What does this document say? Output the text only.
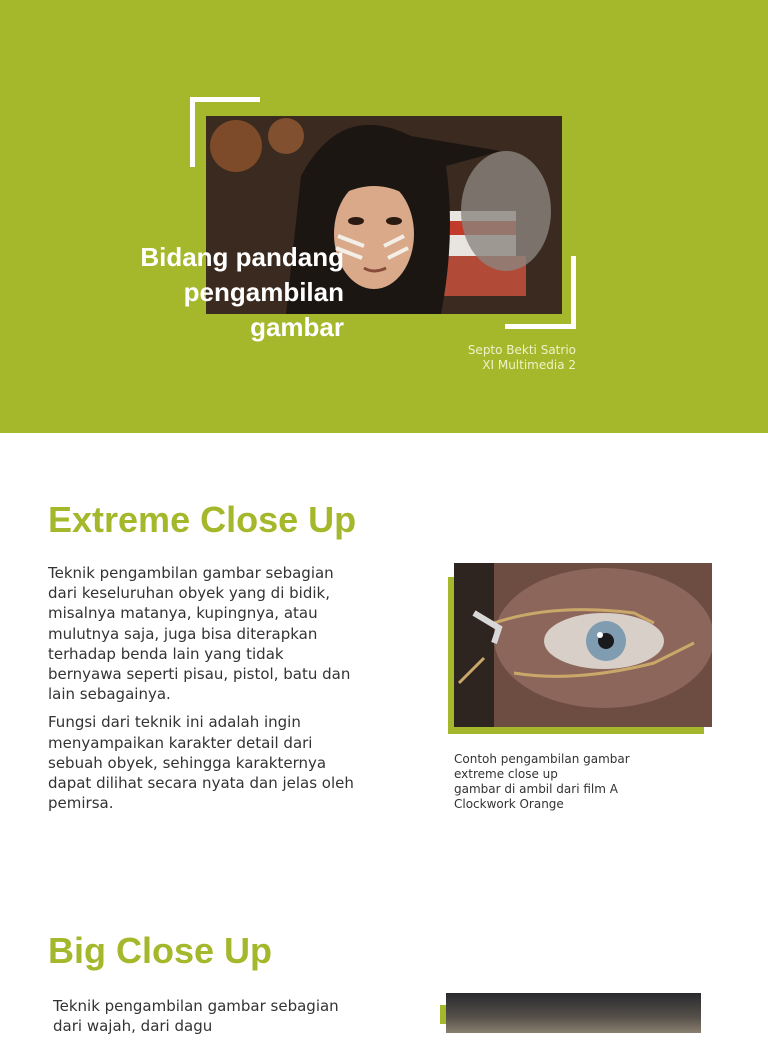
Bidang pandang
pengambilan
gambar
Septo Bekti Satrio
XI Multimedia 2
Extreme Close Up

Teknik pengambilan gambar sebagian dari keseluruhan obyek yang di bidik, misalnya matanya, kupingnya, atau mulutnya saja, juga bisa diterapkan terhadap benda lain yang tidak bernyawa seperti pisau, pistol, batu dan lain sebagainya.

Fungsi dari teknik ini adalah ingin menyampaikan karakter detail dari sebuah obyek, sehingga karakternya dapat dilihat secara nyata dan jelas oleh pemirsa.

Contoh pengambilan gambar
extreme close up
gambar di ambil dari film A
Clockwork Orange
Big Close Up

Teknik pengambilan gambar sebagian dari wajah, dari dagu
